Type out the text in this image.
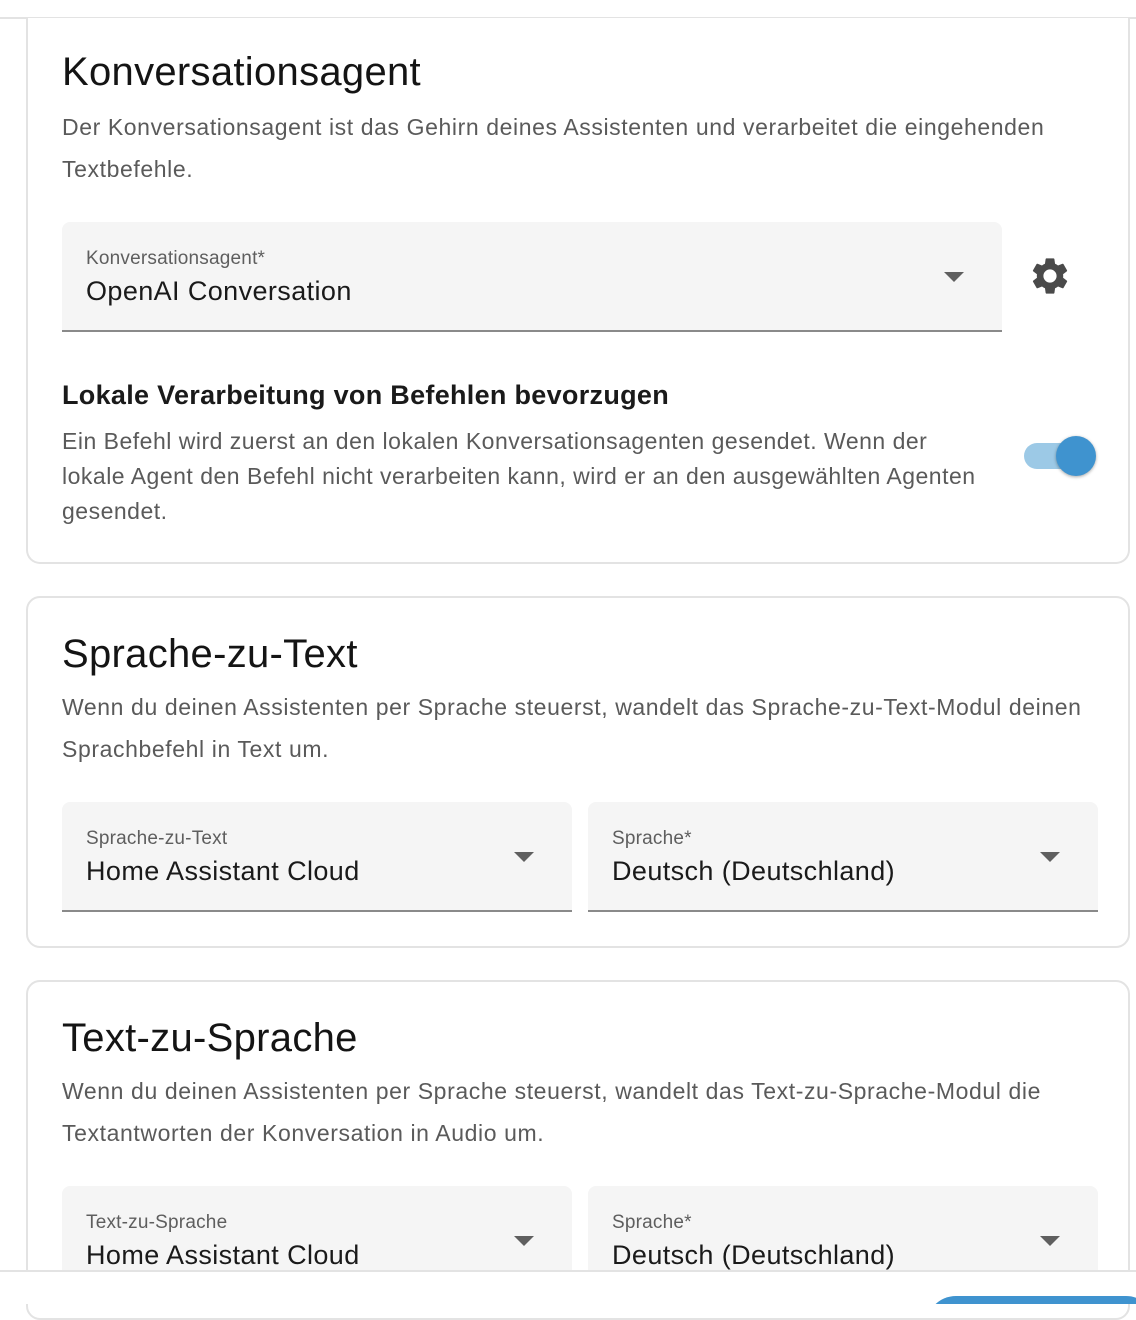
Konversationsagent

Der Konversationsagent ist das Gehirn deines Assistenten und verarbeitet die eingehenden Textbefehle.

Konversationsagent*
OpenAI Conversation
Lokale Verarbeitung von Befehlen bevorzugen

Ein Befehl wird zuerst an den lokalen Konversationsagenten gesendet. Wenn der lokale Agent den Befehl nicht verarbeiten kann, wird er an den ausgewählten Agenten gesendet.

Sprache-zu-Text

Wenn du deinen Assistenten per Sprache steuerst, wandelt das Sprache-zu-Text-Modul deinen Sprachbefehl in Text um.

Sprache-zu-Text
Home Assistant Cloud
Sprache*
Deutsch (Deutschland)
Text-zu-Sprache

Wenn du deinen Assistenten per Sprache steuerst, wandelt das Text-zu-Sprache-Modul die Textantworten der Konversation in Audio um.

Text-zu-Sprache
Home Assistant Cloud
Sprache*
Deutsch (Deutschland)
